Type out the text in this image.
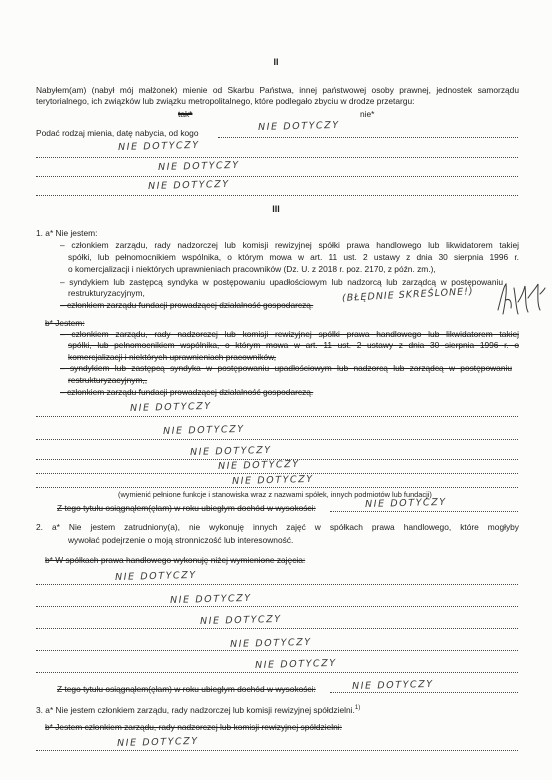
II
Nabyłem(am) (nabył mój małżonek) mienie od Skarbu Państwa, innej państwowej osoby prawnej, jednostek samorządu
terytorialnego, ich związków lub związku metropolitalnego, które podlegało zbyciu w drodze przetargu:
tak*	nie*
Podać rodzaj mienia, datę nabycia, od kogo
NIE DOTYCZY
NIE DOTYCZY
NIE DOTYCZY
NIE DOTYCZY
III
1. a* Nie jestem:
– członkiem zarządu, rady nadzorczej lub komisji rewizyjnej spółki prawa handlowego lub likwidatorem takiej
spółki, lub pełnomocnikiem wspólnika, o którym mowa w art. 11 ust. 2 ustawy z dnia 30 sierpnia 1996 r.
o komercjalizacji i niektórych uprawnieniach pracowników (Dz. U. z 2018 r. poz. 2170, z późn. zm.),
– syndykiem lub zastępcą syndyka w postępowaniu upadłościowym lub nadzorcą lub zarządcą w postępowaniu
restrukturyzacyjnym,
– członkiem zarządu fundacji prowadzącej działalność gospodarczą.
(BŁĘDNIE SKREŚLONE!)
b* Jestem:
– członkiem zarządu, rady nadzorczej lub komisji rewizyjnej spółki prawa handlowego lub likwidatorem takiej
spółki, lub pełnomocnikiem wspólnika, o którym mowa w art. 11 ust. 2 ustawy z dnia 30 sierpnia 1996 r. o
komercjalizacji i niektórych uprawnieniach pracowników,
– syndykiem lub zastępcą syndyka w postępowaniu upadłościowym lub nadzorcą lub zarządcą w postępowaniu
restrukturyzacyjnym,,
– członkiem zarządu fundacji prowadzącej działalność gospodarczą.
NIE DOTYCZY
NIE DOTYCZY
NIE DOTYCZY
NIE DOTYCZY
NIE DOTYCZY
(wymienić pełnione funkcje i stanowiska wraz z nazwami spółek, innych podmiotów lub fundacji)
Z tego tytułu osiągnąłem(ęłam) w roku ubiegłym dochód w wysokości:	NIE DOTYCZY
2. a* Nie jestem zatrudniony(a), nie wykonuję innych zajęć w spółkach prawa handlowego, które mogłyby
wywołać podejrzenie o moją stronniczość lub interesowność.
b* W spółkach prawa handlowego wykonuję niżej wymienione zajęcia:
NIE DOTYCZY
NIE DOTYCZY
NIE DOTYCZY
NIE DOTYCZY
NIE DOTYCZY
Z tego tytułu osiągnąłem(ęłam) w roku ubiegłym dochód w wysokości:	NIE DOTYCZY
3. a* Nie jestem członkiem zarządu, rady nadzorczej lub komisji rewizyjnej spółdzielni.$^{1)}$
b* Jestem członkiem zarządu, rady nadzorczej lub komisji rewizyjnej spółdzielni:
NIE DOTYCZY
